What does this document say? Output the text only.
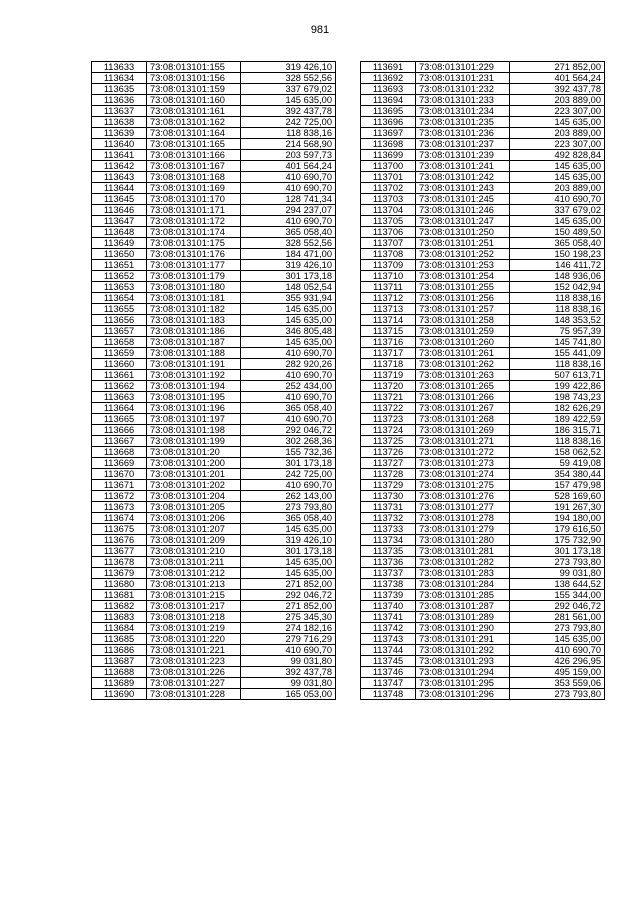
981
113633	73:08:013101:155	319 426,10
113634	73:08:013101:156	328 552,56
113635	73:08:013101:159	337 679,02
113636	73:08:013101:160	145 635,00
113637	73:08:013101:161	392 437,78
113638	73:08:013101:162	242 725,00
113639	73:08:013101:164	118 838,16
113640	73:08:013101:165	214 568,90
113641	73:08:013101:166	203 597,73
113642	73:08:013101:167	401 564,24
113643	73:08:013101:168	410 690,70
113644	73:08:013101:169	410 690,70
113645	73:08:013101:170	128 741,34
113646	73:08:013101:171	294 237,07
113647	73:08:013101:172	410 690,70
113648	73:08:013101:174	365 058,40
113649	73:08:013101:175	328 552,56
113650	73:08:013101:176	184 471,00
113651	73:08:013101:177	319 426,10
113652	73:08:013101:179	301 173,18
113653	73:08:013101:180	148 052,54
113654	73:08:013101:181	355 931,94
113655	73:08:013101:182	145 635,00
113656	73:08:013101:183	145 635,00
113657	73:08:013101:186	346 805,48
113658	73:08:013101:187	145 635,00
113659	73:08:013101:188	410 690,70
113660	73:08:013101:191	282 920,26
113661	73:08:013101:192	410 690,70
113662	73:08:013101:194	252 434,00
113663	73:08:013101:195	410 690,70
113664	73:08:013101:196	365 058,40
113665	73:08:013101:197	410 690,70
113666	73:08:013101:198	292 046,72
113667	73:08:013101:199	302 268,36
113668	73:08:013101:20	155 732,36
113669	73:08:013101:200	301 173,18
113670	73:08:013101:201	242 725,00
113671	73:08:013101:202	410 690,70
113672	73:08:013101:204	262 143,00
113673	73:08:013101:205	273 793,80
113674	73:08:013101:206	365 058,40
113675	73:08:013101:207	145 635,00
113676	73:08:013101:209	319 426,10
113677	73:08:013101:210	301 173,18
113678	73:08:013101:211	145 635,00
113679	73:08:013101:212	145 635,00
113680	73:08:013101:213	271 852,00
113681	73:08:013101:215	292 046,72
113682	73:08:013101:217	271 852,00
113683	73:08:013101:218	275 345,30
113684	73:08:013101:219	274 182,16
113685	73:08:013101:220	279 716,29
113686	73:08:013101:221	410 690,70
113687	73:08:013101:223	99 031,80
113688	73:08:013101:226	392 437,78
113689	73:08:013101:227	99 031,80
113690	73:08:013101:228	165 053,00
113691	73:08:013101:229	271 852,00
113692	73:08:013101:231	401 564,24
113693	73:08:013101:232	392 437,78
113694	73:08:013101:233	203 889,00
113695	73:08:013101:234	223 307,00
113696	73:08:013101:235	145 635,00
113697	73:08:013101:236	203 889,00
113698	73:08:013101:237	223 307,00
113699	73:08:013101:239	492 828,84
113700	73:08:013101:241	145 635,00
113701	73:08:013101:242	145 635,00
113702	73:08:013101:243	203 889,00
113703	73:08:013101:245	410 690,70
113704	73:08:013101:246	337 679,02
113705	73:08:013101:247	145 635,00
113706	73:08:013101:250	150 489,50
113707	73:08:013101:251	365 058,40
113708	73:08:013101:252	150 198,23
113709	73:08:013101:253	146 411,72
113710	73:08:013101:254	148 936,06
113711	73:08:013101:255	152 042,94
113712	73:08:013101:256	118 838,16
113713	73:08:013101:257	118 838,16
113714	73:08:013101:258	148 353,52
113715	73:08:013101:259	75 957,39
113716	73:08:013101:260	145 741,80
113717	73:08:013101:261	155 441,09
113718	73:08:013101:262	118 838,16
113719	73:08:013101:263	507 613,71
113720	73:08:013101:265	199 422,86
113721	73:08:013101:266	198 743,23
113722	73:08:013101:267	182 626,29
113723	73:08:013101:268	189 422,59
113724	73:08:013101:269	186 315,71
113725	73:08:013101:271	118 838,16
113726	73:08:013101:272	158 062,52
113727	73:08:013101:273	59 419,08
113728	73:08:013101:274	354 380,44
113729	73:08:013101:275	157 479,98
113730	73:08:013101:276	528 169,60
113731	73:08:013101:277	191 267,30
113732	73:08:013101:278	194 180,00
113733	73:08:013101:279	179 616,50
113734	73:08:013101:280	175 732,90
113735	73:08:013101:281	301 173,18
113736	73:08:013101:282	273 793,80
113737	73:08:013101:283	99 031,80
113738	73:08:013101:284	138 644,52
113739	73:08:013101:285	155 344,00
113740	73:08:013101:287	292 046,72
113741	73:08:013101:289	281 561,00
113742	73:08:013101:290	273 793,80
113743	73:08:013101:291	145 635,00
113744	73:08:013101:292	410 690,70
113745	73:08:013101:293	426 296,95
113746	73:08:013101:294	495 159,00
113747	73:08:013101:295	353 559,06
113748	73:08:013101:296	273 793,80
